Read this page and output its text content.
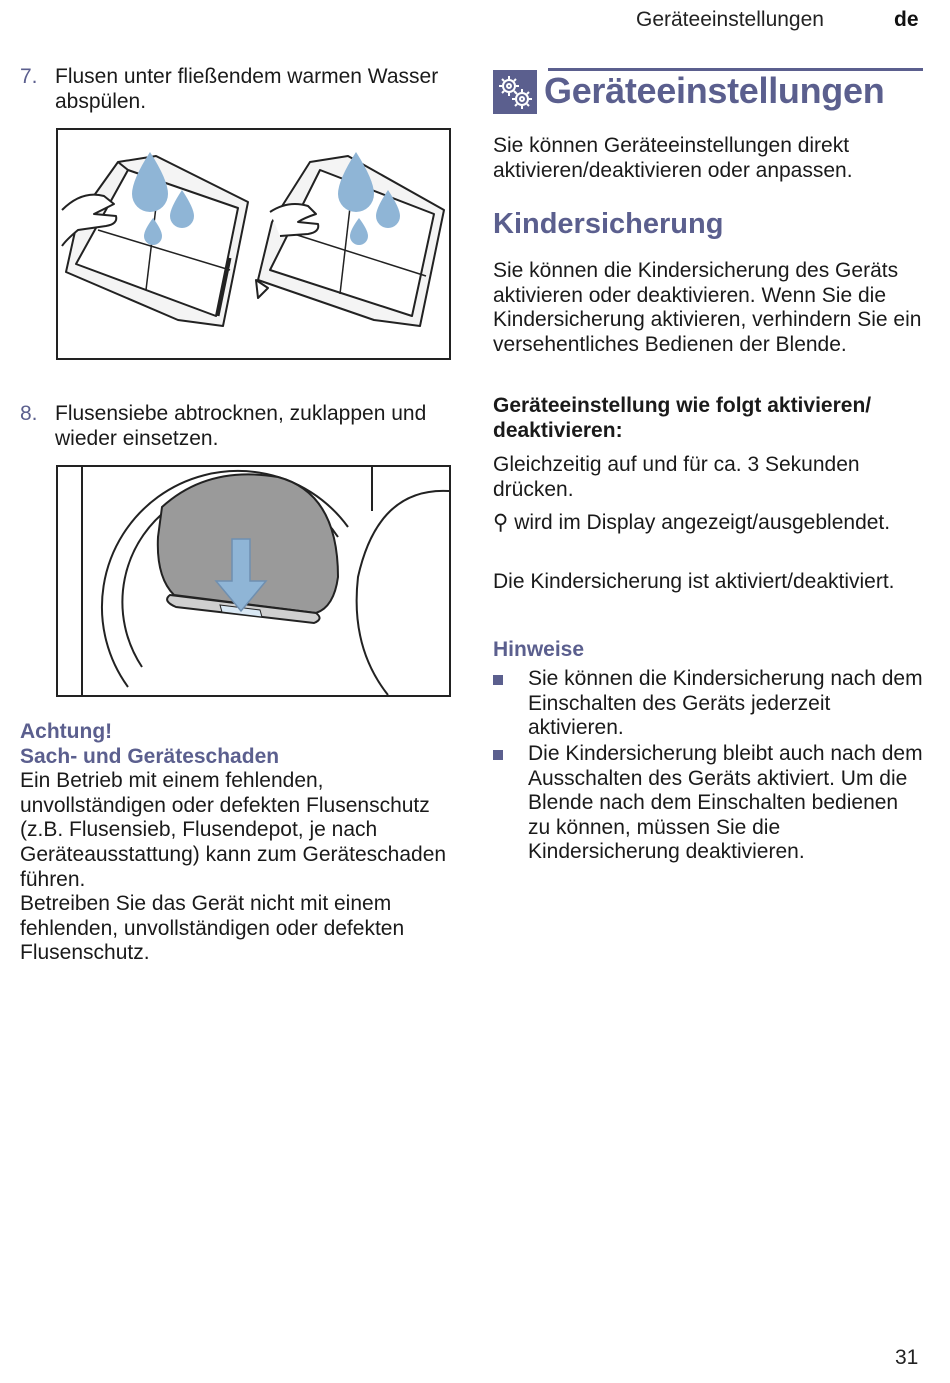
Geräteeinstellungen	de
7. Flusen unter fließendem warmen Wasser abspülen.
8. Flusensiebe abtrocknen, zuklappen und wieder einsetzen.

Achtung!

Sach- und Geräteschaden

Ein Betrieb mit einem fehlenden, unvollständigen oder defekten Flusenschutz (z.B. Flusensieb, Flusendepot, je nach Geräteausstattung) kann zum Geräteschaden führen.

Betreiben Sie das Gerät nicht mit einem fehlenden, unvollständigen oder defekten Flusenschutz.

Geräteeinstellungen

Sie können Geräteeinstellungen direkt aktivieren/deaktivieren oder anpassen.

Kindersicherung

Sie können die Kindersicherung des Geräts aktivieren oder deaktivieren. Wenn Sie die Kindersicherung aktivieren, verhindern Sie ein versehentliches Bedienen der Blende.

Geräteeinstellung wie folgt aktivieren/ deaktivieren:

Gleichzeitig auf und für ca. 3 Sekunden drücken.

⚲ wird im Display angezeigt/ausgeblendet.

Die Kindersicherung ist aktiviert/deaktiviert.

Hinweise
Sie können die Kindersicherung nach dem Einschalten des Geräts jederzeit aktivieren.
Die Kindersicherung bleibt auch nach dem Ausschalten des Geräts aktiviert. Um die Blende nach dem Einschalten bedienen zu können, müssen Sie die Kindersicherung deaktivieren.
31
